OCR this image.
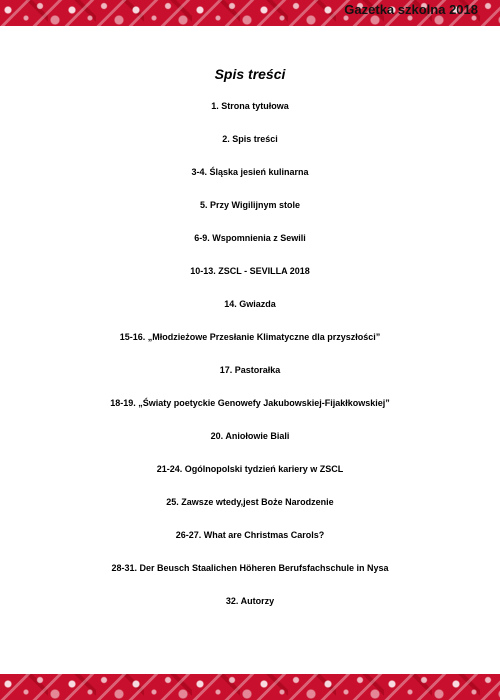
Gazetka szkolna 2018

Spis treści

1. Strona tytułowa
2. Spis treści
3-4. Śląska jesień kulinarna
5. Przy Wigilijnym stole
6-9. Wspomnienia z Sewili
10-13. ZSCL - SEVILLA 2018
14. Gwiazda
15-16. „Młodzieżowe Przesłanie Klimatyczne dla przyszłości”
17. Pastorałka
18-19. „Światy poetyckie Genowefy Jakubowskiej-Fijakłkowskiej”
20. Aniołowie Biali
21-24. Ogólnopolski tydzień kariery w ZSCL
25. Zawsze wtedy,jest Boże Narodzenie
26-27. What are Christmas Carols?
28-31. Der Beusch Staalichen Höheren Berufsfachschule in Nysa
32. Autorzy
